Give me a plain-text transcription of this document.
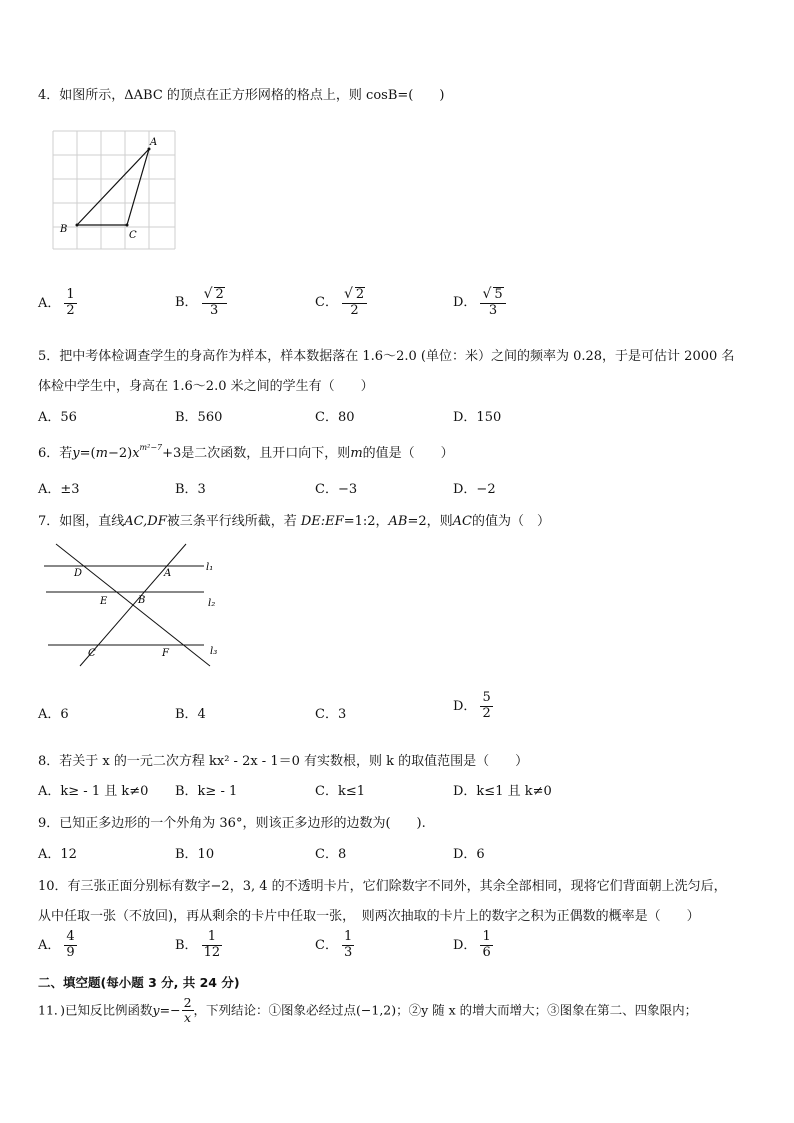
4．如图所示，ΔABC 的顶点在正方形网格的格点上，则 cosB=(　　)
A
B
C
A． $\frac{1}{2}$	B． $\frac{√ 2}{3}$	C． $\frac{√ 2}{2}$	D． $\frac{√ 5}{3}$
5．把中考体检调查学生的身高作为样本，样本数据落在 1.6～2.0 (单位：米）之间的频率为 0.28，于是可估计 2000 名
体检中学生中，身高在 1.6～2.0 米之间的学生有（　　）
A．56	B．560	C．80	D．150
6．若$y=(m-2)x^{m^2-7}+3$是二次函数，且开口向下，则m的值是（　　）
A．±3	B．3	C．−3	D．−2
7．如图，直线AC,DF被三条平行线所截，若 DE:EF=1:2，AB=2，则AC的值为（　）
D	A
l₁
E	B	l₂
C	F	l₃
A．6	B．4	C．3
D． $\frac{5}{2}$
8．若关于 x 的一元二次方程 kx² - 2x - 1＝0 有实数根，则 k 的取值范围是（　　）
A．k≥ - 1 且 k≠0 B．k≥ - 1	C．k≤1	D．k≤1 且 k≠0
9．已知正多边形的一个外角为 36°，则该正多边形的边数为(　　).
A．12	B．10	C．8	D．6
10．有三张正面分别标有数字−2，3, 4 的不透明卡片，它们除数字不同外，其余全部相同，现将它们背面朝上洗匀后，
从中任取一张（不放回)，再从剩余的卡片中任取一张，　则两次抽取的卡片上的数字之积为正偶数的概率是（　　）
A． $\frac{4}{9}$	B． $\frac{1}{12}$	C． $\frac{1}{3}$	D． $\frac{1}{6}$
二、填空题(每小题 3 分, 共 24 分)
11．)已知反比例函数$y=- \frac{2}{x}$ ，下列结论：①图象必经过点(−1,2)；②y 随 x 的增大而增大；③图象在第二、四象限内；
